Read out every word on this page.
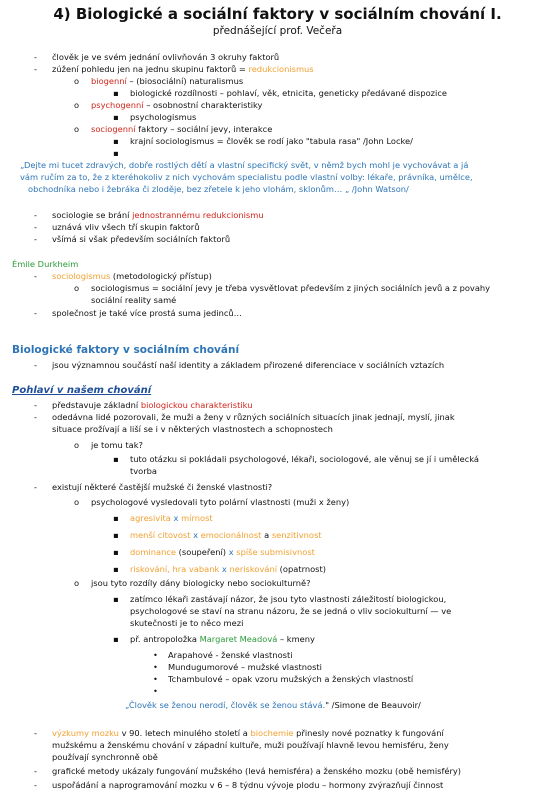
4) Biologické a sociální faktory v sociálním chování I.
přednášející prof. Večeřa
- člověk je ve svém jednání ovlivňován 3 okruhy faktorů
- zúžení pohledu jen na jednu skupinu faktorů = redukcionismus
o biogenní – (biosociální) naturalismus
▪ biologické rozdílnosti – pohlaví, věk, etnicita, geneticky předávané dispozice
o psychogenní – osobnostní charakteristiky
▪ psychologismus
o sociogenní faktory – sociální jevy, interakce
▪ krajní sociologismus = člověk se rodí jako "tabula rasa" /John Locke/
▪
„Dejte mi tucet zdravých, dobře rostlých dětí a vlastní specifický svět, v němž bych mohl je vychovávat a já
vám ručím za to, že z kteréhokoliv z nich vychovám specialistu podle vlastní volby: lékaře, právníka, umělce,
obchodníka nebo i žebráka či zloděje, bez zřetele k jeho vlohám, sklonům… „ /John Watson/
- sociologie se brání jednostrannému redukcionismu
- uznává vliv všech tří skupin faktorů
- všímá si však především sociálních faktorů
Émile Durkheim
- sociologismus (metodologický přístup)
o sociologismus = sociální jevy je třeba vysvětlovat především z jiných sociálních jevů a z povahy
sociální reality samé
- společnost je také více prostá suma jedinců…
Biologické faktory v sociálním chování
- jsou významnou součástí naší identity a základem přirozené diferenciace v sociálních vztazích
Pohlaví v našem chování
- představuje základní biologickou charakteristiku
- odedávna lidé pozorovali, že muži a ženy v různých sociálních situacích jinak jednají, myslí, jinak
situace prožívají a liší se i v některých vlastnostech a schopnostech
o je tomu tak?
▪ tuto otázku si pokládali psychologové, lékaři, sociologové, ale věnuj se jí i umělecká
tvorba
- existují některé častější mužské či ženské vlastnosti?
o psychologové vysledovali tyto polární vlastnosti (muži x ženy)
▪ agresivita x mírnost
▪ menší citovost x emocionálnost a senzitivnost
▪ dominance (soupeření) x spíše submisivnost
▪ riskování, hra vabank x neriskování (opatrnost)
o jsou tyto rozdíly dány biologicky nebo sociokulturně?
▪ zatímco lékaři zastávají názor, že jsou tyto vlastnosti záležitostí biologickou,
psychologové se staví na stranu názoru, že se jedná o vliv sociokulturní — ve
skutečnosti je to něco mezi
▪ př. antropoložka Margaret Meadová – kmeny
• Arapahové - ženské vlastnosti
• Mundugumorové – mužské vlastnosti
• Tchambulové – opak vzoru mužských a ženských vlastností
•
„Člověk se ženou nerodí, člověk se ženou stává." /Simone de Beauvoir/
- výzkumy mozku v 90. letech minulého století a biochemie přinesly nové poznatky k fungování
mužskému a ženskému chování v západní kultuře, muži používají hlavně levou hemisféru, ženy
používají synchronně obě
- grafické metody ukázaly fungování mužského (levá hemisféra) a ženského mozku (obě hemisféry)
- uspořádání a naprogramování mozku v 6 – 8 týdnu vývoje plodu – hormony zvýrazňují činnost
